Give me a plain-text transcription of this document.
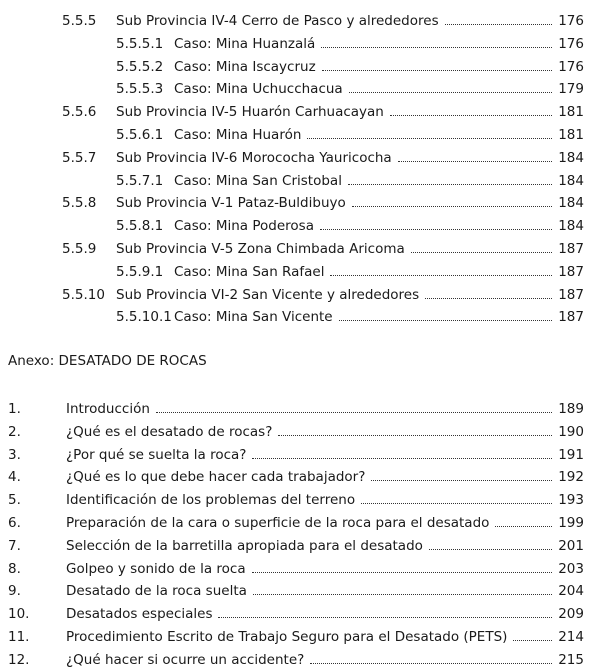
5.5.5	Sub Provincia IV-4 Cerro de Pasco y alrededores	176
5.5.5.1 Caso: Mina Huanzalá	176
5.5.5.2 Caso: Mina Iscaycruz	176
5.5.5.3 Caso: Mina Uchucchacua	179
5.5.6	Sub Provincia IV-5 Huarón Carhuacayan	181
5.5.6.1 Caso: Mina Huarón	181
5.5.7	Sub Provincia IV-6 Morococha Yauricocha	184
5.5.7.1 Caso: Mina San Cristobal	184
5.5.8	Sub Provincia V-1 Pataz-Buldibuyo	184
5.5.8.1 Caso: Mina Poderosa	184
5.5.9	Sub Provincia V-5 Zona Chimbada Aricoma	187
5.5.9.1 Caso: Mina San Rafael	187
5.5.10 Sub Provincia VI-2 San Vicente y alrededores	187
5.5.10.1 Caso: Mina San Vicente	187
Anexo: DESATADO DE ROCAS
1.	Introducción	189
2.	¿Qué es el desatado de rocas?	190
3.	¿Por qué se suelta la roca?	191
4.	¿Qué es lo que debe hacer cada trabajador?	192
5.	Identificación de los problemas del terreno	193
6.	Preparación de la cara o superficie de la roca para el desatado	199
7.	Selección de la barretilla apropiada para el desatado	201
8.	Golpeo y sonido de la roca	203
9.	Desatado de la roca suelta	204
10.	Desatados especiales	209
11.	Procedimiento Escrito de Trabajo Seguro para el Desatado (PETS)	214
12.	¿Qué hacer si ocurre un accidente?	215
